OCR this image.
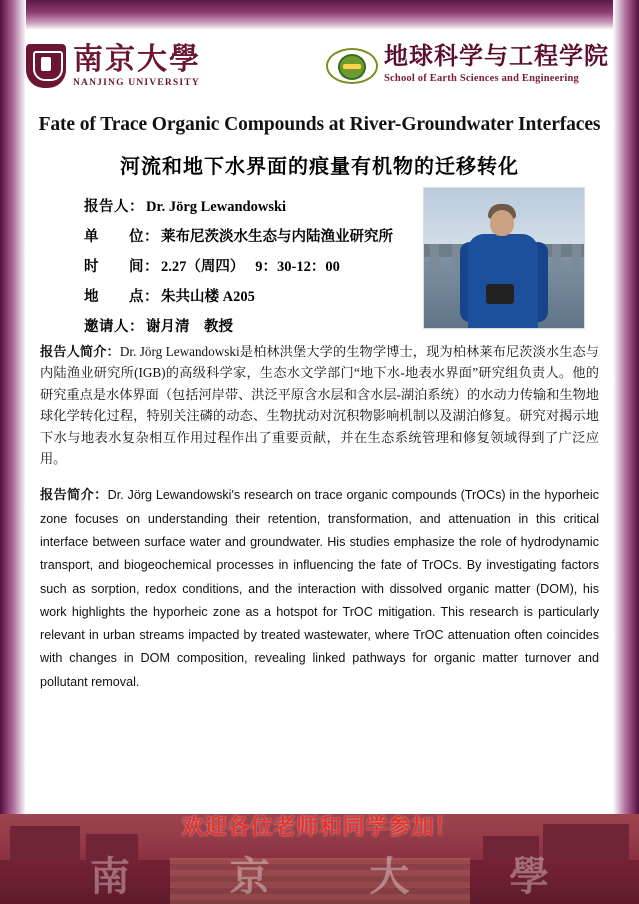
南京大學
NANJING UNIVERSITY
地球科学与工程学院
School of Earth Sciences and Engineering
Fate of Trace Organic Compounds at River-Groundwater Interfaces
河流和地下水界面的痕量有机物的迁移转化
报告人： Dr. Jörg Lewandowski
单　　位： 莱布尼茨淡水生态与内陆渔业研究所
时　　间： 2.27（周四）　 9：30-12：00
地　　点： 朱共山楼 A205
邀请人： 谢月清　教授
报告人简介：Dr. Jörg Lewandowski是柏林洪堡大学的生物学博士，现为柏林莱布尼茨淡水生态与内陆渔业研究所(IGB)的高级科学家，生态水文学部门“地下水-地表水界面”研究组负责人。他的研究重点是水体界面（包括河岸带、洪泛平原含水层和含水层-湖泊系统）的水动力传输和生物地球化学转化过程，特别关注磷的动态、生物扰动对沉积物影响机制以及湖泊修复。研究对揭示地下水与地表水复杂相互作用过程作出了重要贡献，并在生态系统管理和修复领域得到了广泛应用。
报告简介：Dr. Jörg Lewandowski's research on trace organic compounds (TrOCs) in the hyporheic zone focuses on understanding their retention, transformation, and attenuation in this critical interface between surface water and groundwater. His studies emphasize the role of hydrodynamic transport, and biogeochemical processes in influencing the fate of TrOCs. By investigating factors such as sorption, redox conditions, and the interaction with dissolved organic matter (DOM), his work highlights the hyporheic zone as a hotspot for TrOC mitigation. This research is particularly relevant in urban streams impacted by treated wastewater, where TrOC attenuation often coincides with changes in DOM composition, revealing linked pathways for organic matter turnover and pollutant removal.
欢迎各位老师和同学参加！
南 京 大 學
